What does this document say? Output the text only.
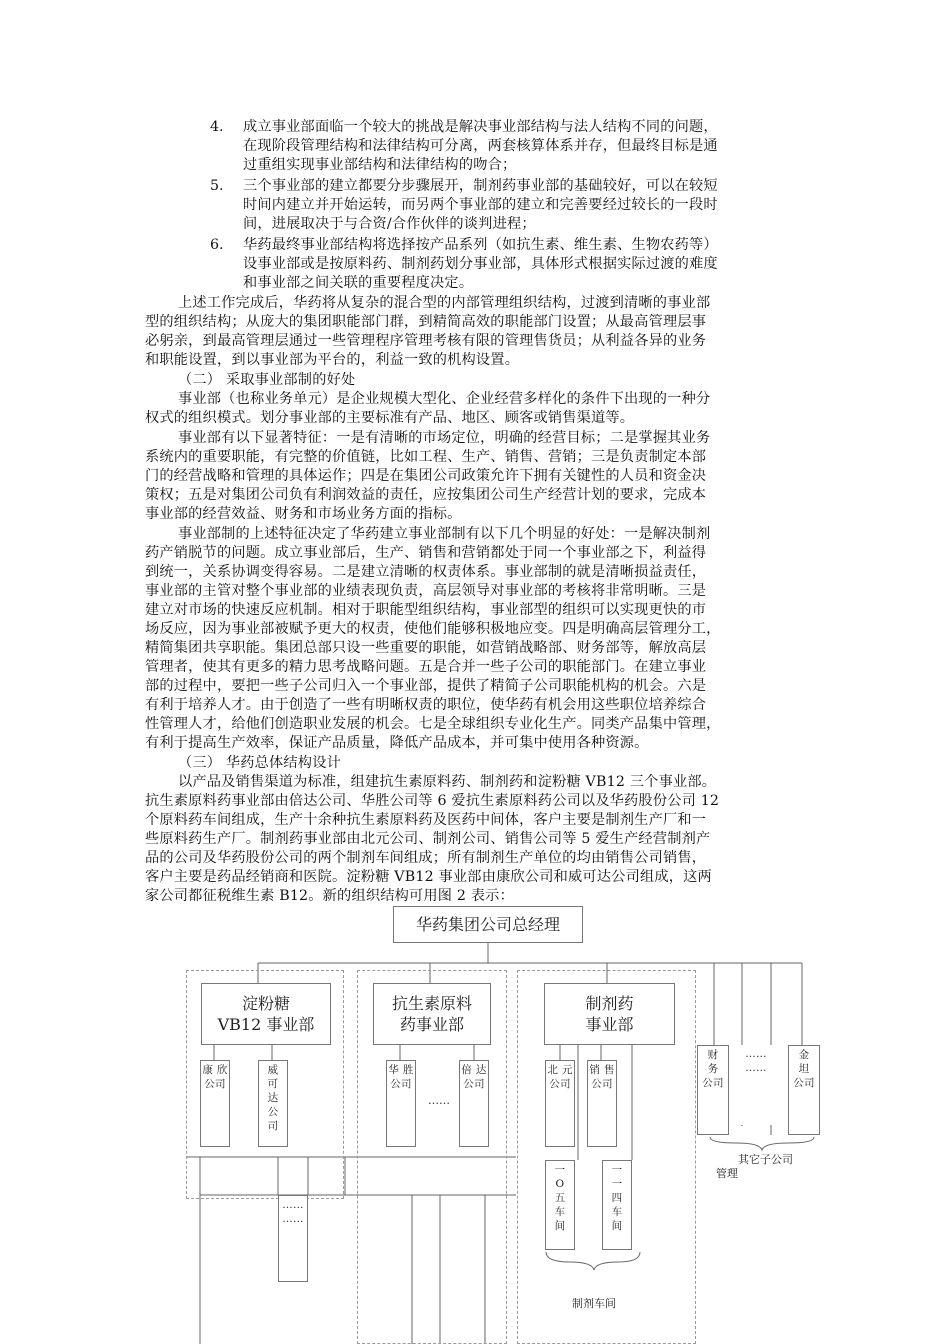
4. 成立事业部面临一个较大的挑战是解决事业部结构与法人结构不同的问题，
在现阶段管理结构和法律结构可分离，两套核算体系并存，但最终目标是通
过重组实现事业部结构和法律结构的吻合；
5. 三个事业部的建立都要分步骤展开，制剂药事业部的基础较好，可以在较短
时间内建立并开始运转，而另两个事业部的建立和完善要经过较长的一段时
间，进展取决于与合资/合作伙伴的谈判进程；
6. 华药最终事业部结构将选择按产品系列（如抗生素、维生素、生物农药等）
设事业部或是按原料药、制剂药划分事业部，具体形式根据实际过渡的难度
和事业部之间关联的重要程度决定。
上述工作完成后，华药将从复杂的混合型的内部管理组织结构，过渡到清晰的事业部
型的组织结构；从庞大的集团职能部门群，到精简高效的职能部门设置；从最高管理层事
必躬亲，到最高管理层通过一些管理程序管理考核有限的管理售货员；从利益各异的业务
和职能设置，到以事业部为平台的，利益一致的机构设置。
（二） 采取事业部制的好处
事业部（也称业务单元）是企业规模大型化、企业经营多样化的条件下出现的一种分
权式的组织模式。划分事业部的主要标准有产品、地区、顾客或销售渠道等。
事业部有以下显著特征：一是有清晰的市场定位，明确的经营目标；二是掌握其业务
系统内的重要职能，有完整的价值链，比如工程、生产、销售、营销；三是负责制定本部
门的经营战略和管理的具体运作；四是在集团公司政策允许下拥有关键性的人员和资金决
策权；五是对集团公司负有利润效益的责任，应按集团公司生产经营计划的要求，完成本
事业部的经营效益、财务和市场业务方面的指标。
事业部制的上述特征决定了华药建立事业部制有以下几个明显的好处：一是解决制剂
药产销脱节的问题。成立事业部后，生产、销售和营销都处于同一个事业部之下，利益得
到统一，关系协调变得容易。二是建立清晰的权责体系。事业部制的就是清晰损益责任，
事业部的主管对整个事业部的业绩表现负责，高层领导对事业部的考核将非常明晰。三是
建立对市场的快速反应机制。相对于职能型组织结构，事业部型的组织可以实现更快的市
场反应，因为事业部被赋予更大的权责，使他们能够积极地应变。四是明确高层管理分工，
精简集团共享职能。集团总部只设一些重要的职能，如营销战略部、财务部等，解放高层
管理者，使其有更多的精力思考战略问题。五是合并一些子公司的职能部门。在建立事业
部的过程中，要把一些子公司归入一个事业部，提供了精简子公司职能机构的机会。六是
有利于培养人才。由于创造了一些有明晰权责的职位，使华药有机会用这些职位培养综合
性管理人才，给他们创造职业发展的机会。七是全球组织专业化生产。同类产品集中管理，
有利于提高生产效率，保证产品质量，降低产品成本，并可集中使用各种资源。
（三） 华药总体结构设计
以产品及销售渠道为标准，组建抗生素原料药、制剂药和淀粉糖 VB12 三个事业部。
抗生素原料药事业部由倍达公司、华胜公司等 6 爱抗生素原料药公司以及华药股份公司 12
个原料药车间组成，生产十余种抗生素原料药及医药中间体，客户主要是制剂生产厂和一
些原料药生产厂。制剂药事业部由北元公司、制剂公司、销售公司等 5 爱生产经营制剂产
品的公司及华药股份公司的两个制剂车间组成；所有制剂生产单位的均由销售公司销售，
客户主要是药品经销商和医院。淀粉糖 VB12 事业部由康欣公司和威可达公司组成，这两
家公司都征税维生素 B12。新的组织结构可用图 2 表示：
华药集团公司总经理
淀粉糖
VB12 事业部
抗生素原料
药事业部
制剂药
事业部
康 欣
公司
威　可
达　公
司
华 胜
公司
……
倍 达
公司
北 元
公司
销 售
公司
财　务
公司
……
……
金　坦
公司
其它子公司
管理
……
……
一　O
五　车
间
一　一
四　车
间
制剂车间
